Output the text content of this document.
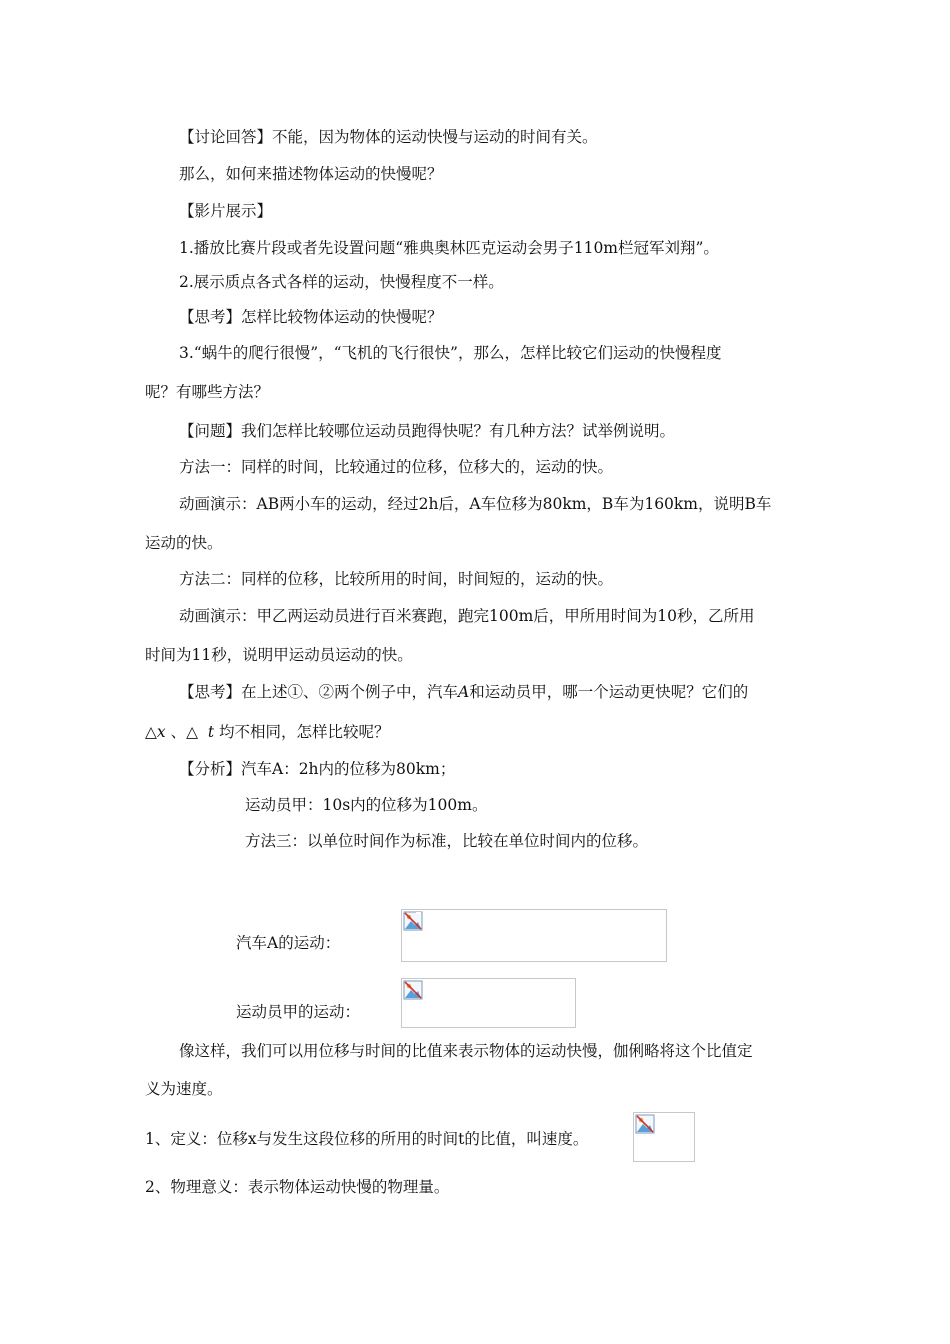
【讨论回答】不能，因为物体的运动快慢与运动的时间有关。
那么，如何来描述物体运动的快慢呢？
【影片展示】
1.播放比赛片段或者先设置问题“雅典奥林匹克运动会男子110m栏冠军刘翔”。
2.展示质点各式各样的运动，快慢程度不一样。
【思考】怎样比较物体运动的快慢呢？
3.“蜗牛的爬行很慢”，“飞机的飞行很快”，那么，怎样比较它们运动的快慢程度
呢？有哪些方法？
【问题】我们怎样比较哪位运动员跑得快呢？有几种方法？试举例说明。
方法一：同样的时间，比较通过的位移，位移大的，运动的快。
动画演示：AB两小车的运动，经过2h后，A车位移为80km，B车为160km，说明B车
运动的快。
方法二：同样的位移，比较所用的时间，时间短的，运动的快。
动画演示：甲乙两运动员进行百米赛跑，跑完100m后，甲所用时间为10秒，乙所用
时间为11秒，说明甲运动员运动的快。
【思考】在上述①、②两个例子中，汽车A和运动员甲，哪一个运动更快呢？它们的
△x 、△  t 均不相同，怎样比较呢？
【分析】汽车A：2h内的位移为80km；
运动员甲：10s内的位移为100m。
方法三：以单位时间作为标准，比较在单位时间内的位移。
汽车A的运动：
运动员甲的运动：
像这样，我们可以用位移与时间的比值来表示物体的运动快慢，伽俐略将这个比值定
义为速度。
1、定义：位移x与发生这段位移的所用的时间t的比值，叫速度。
2、物理意义：表示物体运动快慢的物理量。
